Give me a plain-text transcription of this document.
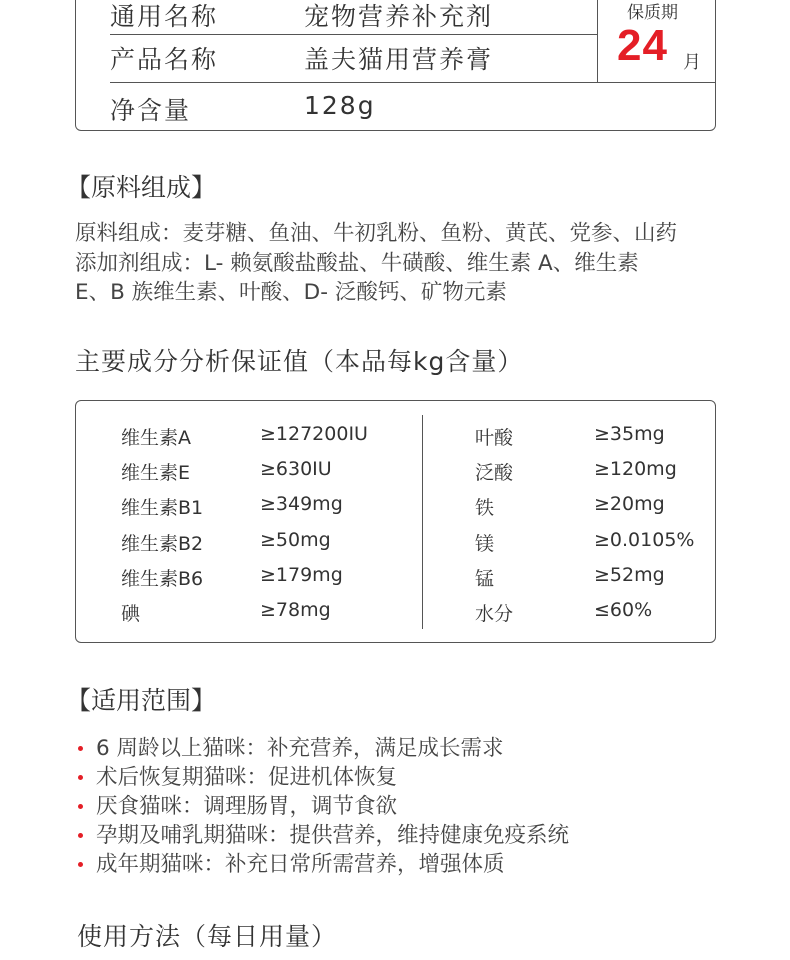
通用名称	宠物营养补充剂
产品名称	盖夫猫用营养膏
净含量	128g
保质期
24 月
【原料组成】

原料组成：麦芽糖、鱼油、牛初乳粉、鱼粉、黄芪、党参、山药

添加剂组成：L- 赖氨酸盐酸盐、牛磺酸、维生素 A、维生素

E、B 族维生素、叶酸、D- 泛酸钙、矿物元素

主要成分分析保证值（本品每kg含量）
维生素A	≥127200IU
维生素E	≥630IU
维生素B1	≥349mg
维生素B2	≥50mg
维生素B6	≥179mg
碘	≥78mg
叶酸	≥35mg
泛酸	≥120mg
铁	≥20mg
镁	≥0.0105%
锰	≥52mg
水分	≤60%
【适用范围】
6 周龄以上猫咪：补充营养，满足成长需求
术后恢复期猫咪：促进机体恢复
厌食猫咪：调理肠胃，调节食欲
孕期及哺乳期猫咪：提供营养，维持健康免疫系统
成年期猫咪：补充日常所需营养，增强体质
使用方法（每日用量）
